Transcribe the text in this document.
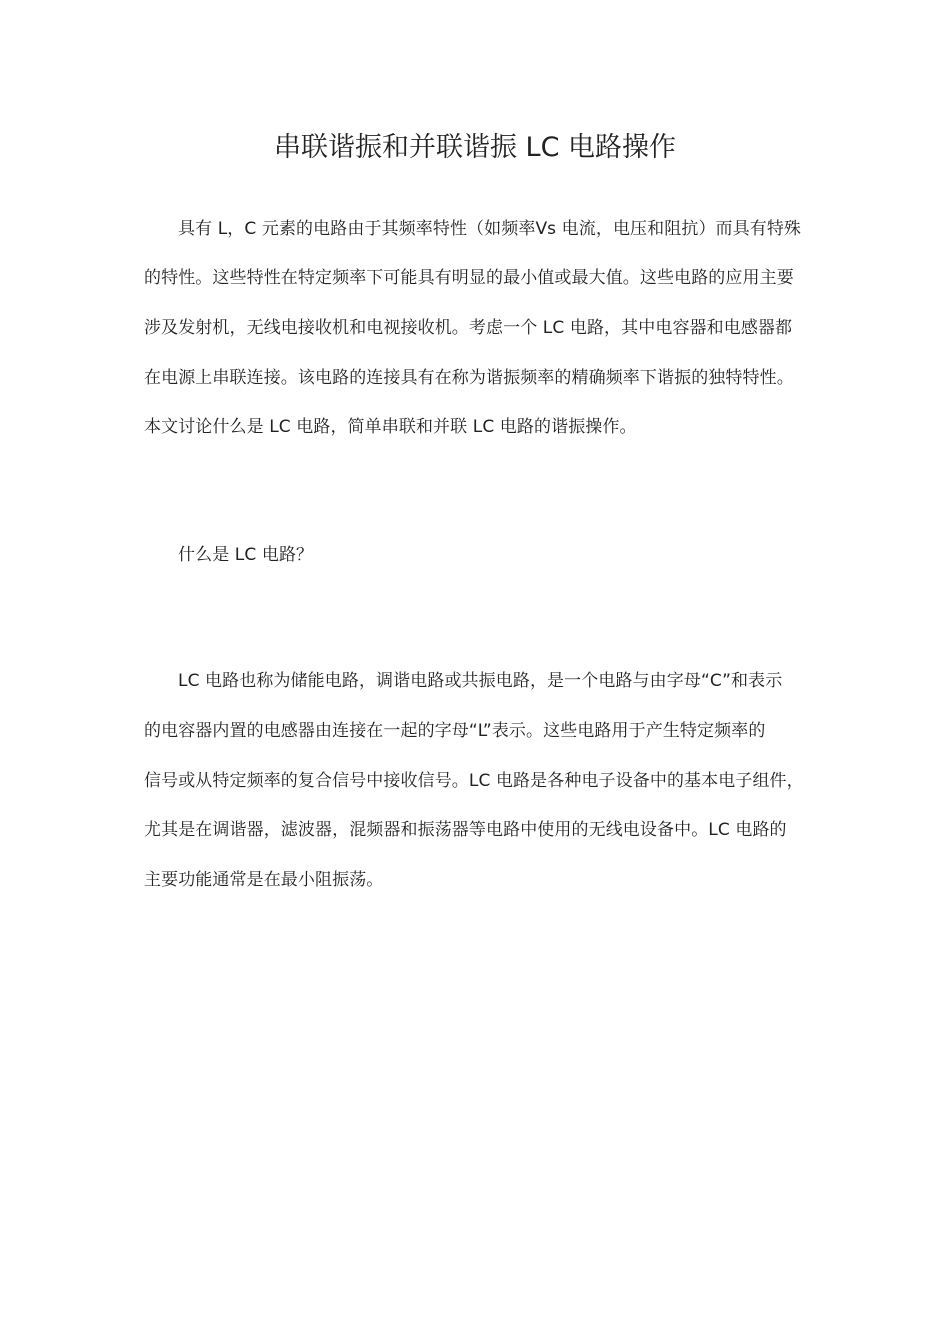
串联谐振和并联谐振 LC 电路操作
具有 L，C 元素的电路由于其频率特性（如频率Vs 电流，电压和阻抗）而具有特殊
的特性。这些特性在特定频率下可能具有明显的最小值或最大值。这些电路的应用主要
涉及发射机，无线电接收机和电视接收机。考虑一个 LC 电路，其中电容器和电感器都
在电源上串联连接。该电路的连接具有在称为谐振频率的精确频率下谐振的独特特性。
本文讨论什么是 LC 电路，简单串联和并联 LC 电路的谐振操作。
什么是 LC 电路？
LC 电路也称为储能电路，调谐电路或共振电路，是一个电路与由字母“C”和表示
的电容器内置的电感器由连接在一起的字母“L”表示。这些电路用于产生特定频率的
信号或从特定频率的复合信号中接收信号。LC 电路是各种电子设备中的基本电子组件，
尤其是在调谐器，滤波器，混频器和振荡器等电路中使用的无线电设备中。LC 电路的
主要功能通常是在最小阻振荡。
